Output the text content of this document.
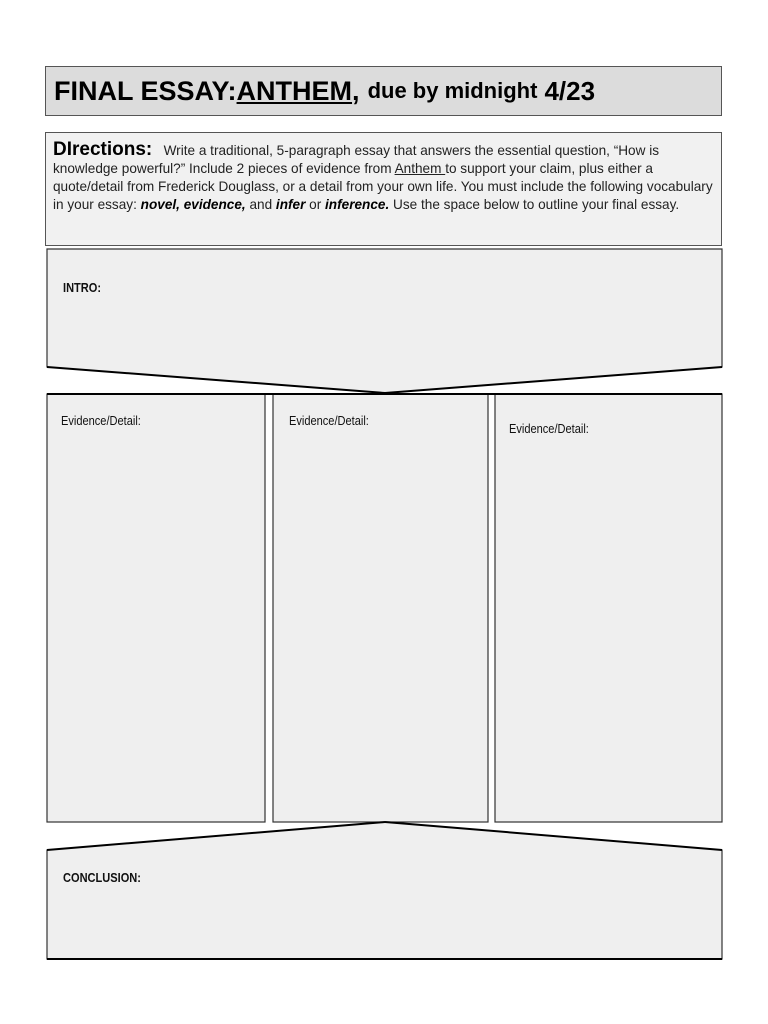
FINAL ESSAY: ANTHEM , due by midnight 4/23
DIrections: Write a traditional, 5-paragraph essay that answers the essential question, “How is knowledge powerful?” Include 2 pieces of evidence from Anthem to support your claim, plus either a quote/detail from Frederick Douglass, or a detail from your own life. You must include the following vocabulary in your essay: novel, evidence, and infer or inference. Use the space below to outline your final essay.
INTRO:
Evidence/Detail:	Evidence/Detail:
Evidence/Detail:
CONCLUSION:
